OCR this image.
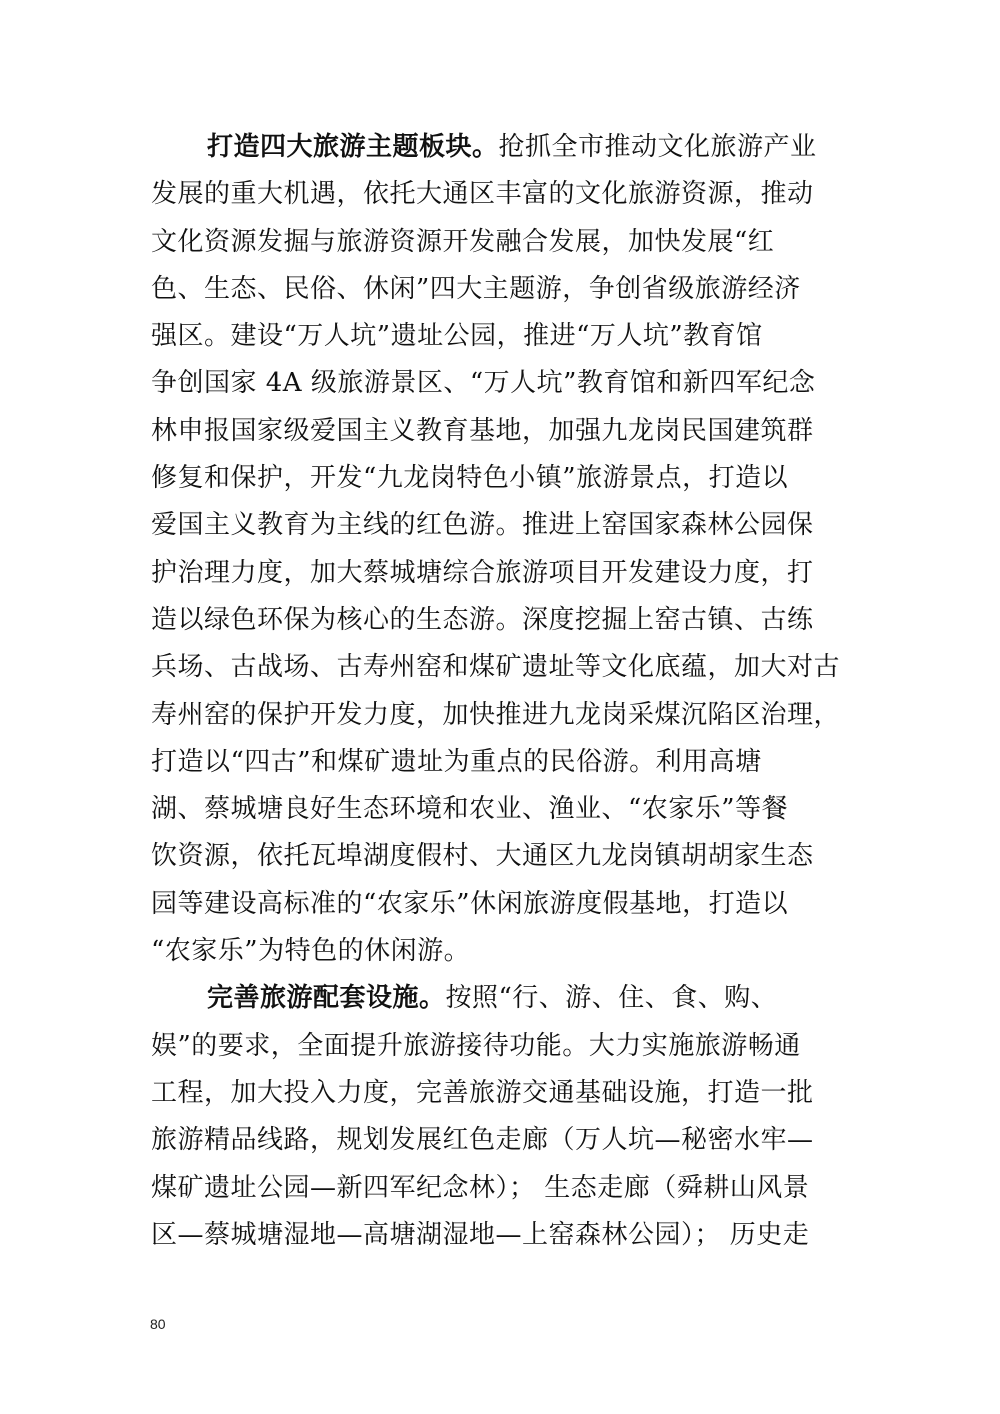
打造四大旅游主题板块。抢抓全市推动文化旅游产业
发展的重大机遇，依托大通区丰富的文化旅游资源，推动
文化资源发掘与旅游资源开发融合发展，加快发展“红
色、生态、民俗、休闲”四大主题游，争创省级旅游经济
强区。建设“万人坑”遗址公园，推进“万人坑”教育馆
争创国家 4A 级旅游景区、“万人坑”教育馆和新四军纪念
林申报国家级爱国主义教育基地，加强九龙岗民国建筑群
修复和保护，开发“九龙岗特色小镇”旅游景点，打造以
爱国主义教育为主线的红色游。推进上窑国家森林公园保
护治理力度，加大蔡城塘综合旅游项目开发建设力度，打
造以绿色环保为核心的生态游。深度挖掘上窑古镇、古练
兵场、古战场、古寿州窑和煤矿遗址等文化底蕴，加大对古
寿州窑的保护开发力度，加快推进九龙岗采煤沉陷区治理，
打造以“四古”和煤矿遗址为重点的民俗游。利用高塘
湖、蔡城塘良好生态环境和农业、渔业、“农家乐”等餐
饮资源，依托瓦埠湖度假村、大通区九龙岗镇胡胡家生态
园等建设高标准的“农家乐”休闲旅游度假基地，打造以
“农家乐”为特色的休闲游。
完善旅游配套设施。按照“行、游、住、食、购、
娱”的要求，全面提升旅游接待功能。大力实施旅游畅通
工程，加大投入力度，完善旅游交通基础设施，打造一批
旅游精品线路，规划发展红色走廊（万人坑—秘密水牢—
煤矿遗址公园—新四军纪念林）； 生态走廊（舜耕山风景
区—蔡城塘湿地—高塘湖湿地—上窑森林公园）； 历史走
80
